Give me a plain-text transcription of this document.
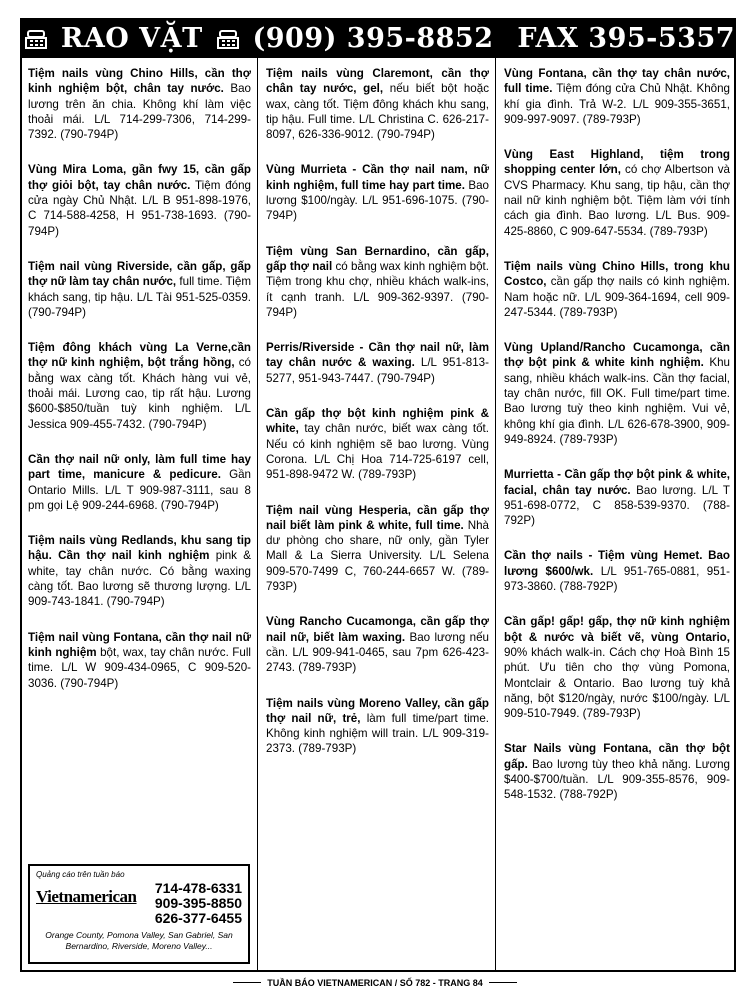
RAO VẶT (909) 395-8852 FAX 395-5357

Tiệm nails vùng Chino Hills, cần thợ kinh nghiệm bột, chân tay nước. Bao lương trên ăn chia. Không khí làm việc thoải mái. L/L 714-299-7306, 714-299-7392. (790-794P)

Vùng Mira Loma, gần fwy 15, cần gấp thợ giỏi bột, tay chân nước. Tiệm đóng cửa ngày Chủ Nhật. L/L B 951-898-1976, C 714-588-4258, H 951-738-1693. (790-794P)

Tiệm nail vùng Riverside, cần gấp, gấp thợ nữ làm tay chân nước, full time. Tiệm khách sang, tip hậu. L/L Tài 951-525-0359. (790-794P)

Tiệm đông khách vùng La Verne,cần thợ nữ kinh nghiệm, bột trắng hồng, có bằng wax càng tốt. Khách hàng vui vẻ, thoải mái. Lương cao, tip rất hậu. Lương $600-$850/tuần tuỳ kinh nghiệm. L/L Jessica 909-455-7432. (790-794P)

Cần thợ nail nữ only, làm full time hay part time, manicure & pedicure. Gần Ontario Mills. L/L T 909-987-3111, sau 8 pm gọi Lệ 909-244-6968. (790-794P)

Tiệm nails vùng Redlands, khu sang tip hậu. Cần thợ nail kinh nghiệm pink & white, tay chân nước. Có bằng waxing càng tốt. Bao lương sẽ thương lượng. L/L 909-743-1841. (790-794P)

Tiệm nail vùng Fontana, cần thợ nail nữ kinh nghiệm bột, wax, tay chân nước. Full time. L/L W 909-434-0965, C 909-520-3036. (790-794P)

Tiệm nails vùng Claremont, cần thợ chân tay nước, gel, nếu biết bột hoặc wax, càng tốt. Tiệm đông khách khu sang, tip hậu. Full time. L/L Christina C. 626-217-8097, 626-336-9012. (790-794P)

Vùng Murrieta - Cần thợ nail nam, nữ kinh nghiệm, full time hay part time. Bao lương $100/ngày. L/L 951-696-1075. (790-794P)

Tiệm vùng San Bernardino, cần gấp, gấp thợ nail có bằng wax kinh nghiệm bột. Tiệm trong khu chợ, nhiều khách walk-ins, ít cạnh tranh. L/L 909-362-9397. (790-794P)

Perris/Riverside - Cần thợ nail nữ, làm tay chân nước & waxing. L/L 951-813-5277, 951-943-7447. (790-794P)

Cần gấp thợ bột kinh nghiệm pink & white, tay chân nước, biết wax càng tốt. Nếu có kinh nghiệm sẽ bao lương. Vùng Corona. L/L Chị Hoa 714-725-6197 cell, 951-898-9472 W. (789-793P)

Tiệm nail vùng Hesperia, cần gấp thợ nail biết làm pink & white, full time. Nhà dư phòng cho share, nữ only, gần Tyler Mall & La Sierra University. L/L Selena 909-570-7499 C, 760-244-6657 W. (789-793P)

Vùng Rancho Cucamonga, cần gấp thợ nail nữ, biết làm waxing. Bao lương nếu cần. L/L 909-941-0465, sau 7pm 626-423-2743. (789-793P)

Tiệm nails vùng Moreno Valley, cần gấp thợ nail nữ, trẻ, làm full time/part time. Không kinh nghiệm will train. L/L 909-319-2373. (789-793P)

Vùng Fontana, cần thợ tay chân nước, full time. Tiệm đóng cửa Chủ Nhật. Không khí gia đình. Trả W-2. L/L 909-355-3651, 909-997-9097. (789-793P)

Vùng East Highland, tiệm trong shopping center lớn, có chợ Albertson và CVS Pharmacy. Khu sang, tip hậu, cần thợ nail nữ kinh nghiệm bột. Tiệm làm với tính cách gia đình. Bao lương. L/L Bus. 909-425-8860, C 909-647-5534. (789-793P)

Tiệm nails vùng Chino Hills, trong khu Costco, cần gấp thợ nails có kinh nghiệm. Nam hoặc nữ. L/L 909-364-1694, cell 909-247-5344. (789-793P)

Vùng Upland/Rancho Cucamonga, cần thợ bột pink & white kinh nghiệm. Khu sang, nhiều khách walk-ins. Cần thợ facial, tay chân nước, fill OK. Full time/part time. Bao lương tuỳ theo kinh nghiệm. Vui vẻ, không khí gia đình. L/L 626-678-3900, 909-949-8924. (789-793P)

Murrietta - Cần gấp thợ bột pink & white, facial, chân tay nước. Bao lương. L/L T 951-698-0772, C 858-539-9370. (788-792P)

Cần thợ nails - Tiệm vùng Hemet. Bao lương $600/wk. L/L 951-765-0881, 951-973-3860. (788-792P)

Cần gấp! gấp! gấp, thợ nữ kinh nghiệm bột & nước và biết vẽ, vùng Ontario, 90% khách walk-in. Cách chợ Hoà Bình 15 phút. Ưu tiên cho thợ vùng Pomona, Montclair & Ontario. Bao lương tuỳ khả năng, bột $120/ngày, nước $100/ngày. L/L 909-510-7949. (789-793P)

Star Nails vùng Fontana, cần thợ bột gấp. Bao lương tùy theo khả năng. Lương $400-$700/tuần. L/L 909-355-8576, 909-548-1532. (788-792P)

Quảng cáo trên tuần báo
Vietnamerican 714-478-6331
909-395-8850
626-377-6455
Orange County, Pomona Valley, San Gabriel, San Bernardino, Riverside, Moreno Valley...
TUẦN BÁO VIETNAMERICAN / SỐ 782 - TRANG 84
